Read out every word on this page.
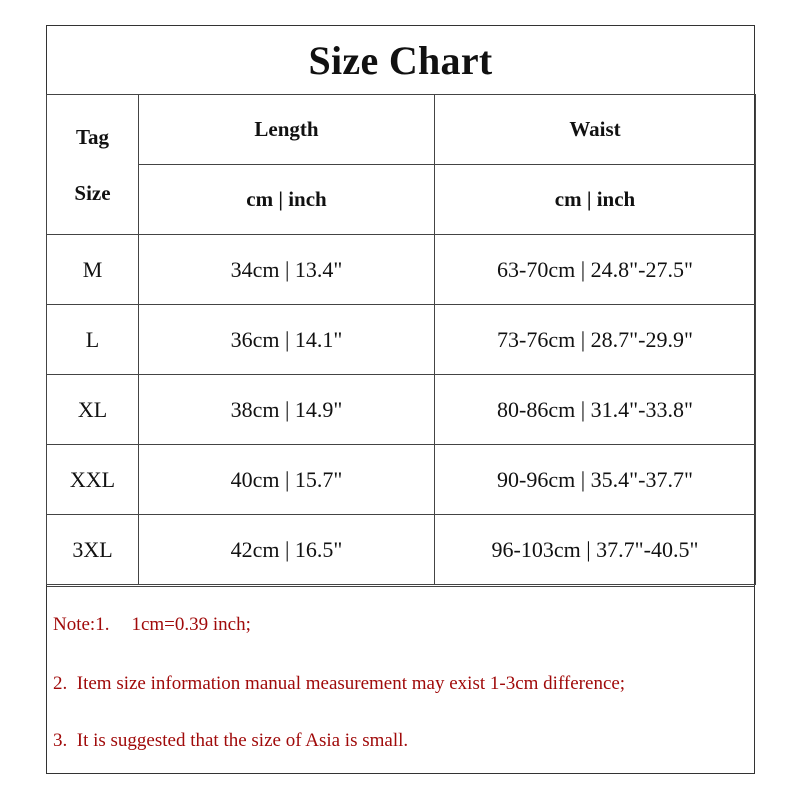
Size Chart
Tag
Size	Length	Waist
	cm | inch	cm | inch
M	34cm | 13.4"	63-70cm | 24.8"-27.5"
L	36cm | 14.1"	73-76cm | 28.7"-29.9"
XL	38cm | 14.9"	80-86cm | 31.4"-33.8"
XXL	40cm | 15.7"	90-96cm | 35.4"-37.7"
3XL	42cm | 16.5"	96-103cm | 37.7"-40.5"
Note:1. 1cm=0.39 inch;
2.  Item size information manual measurement may exist 1-3cm difference;
3.  It is suggested that the size of Asia is small.
